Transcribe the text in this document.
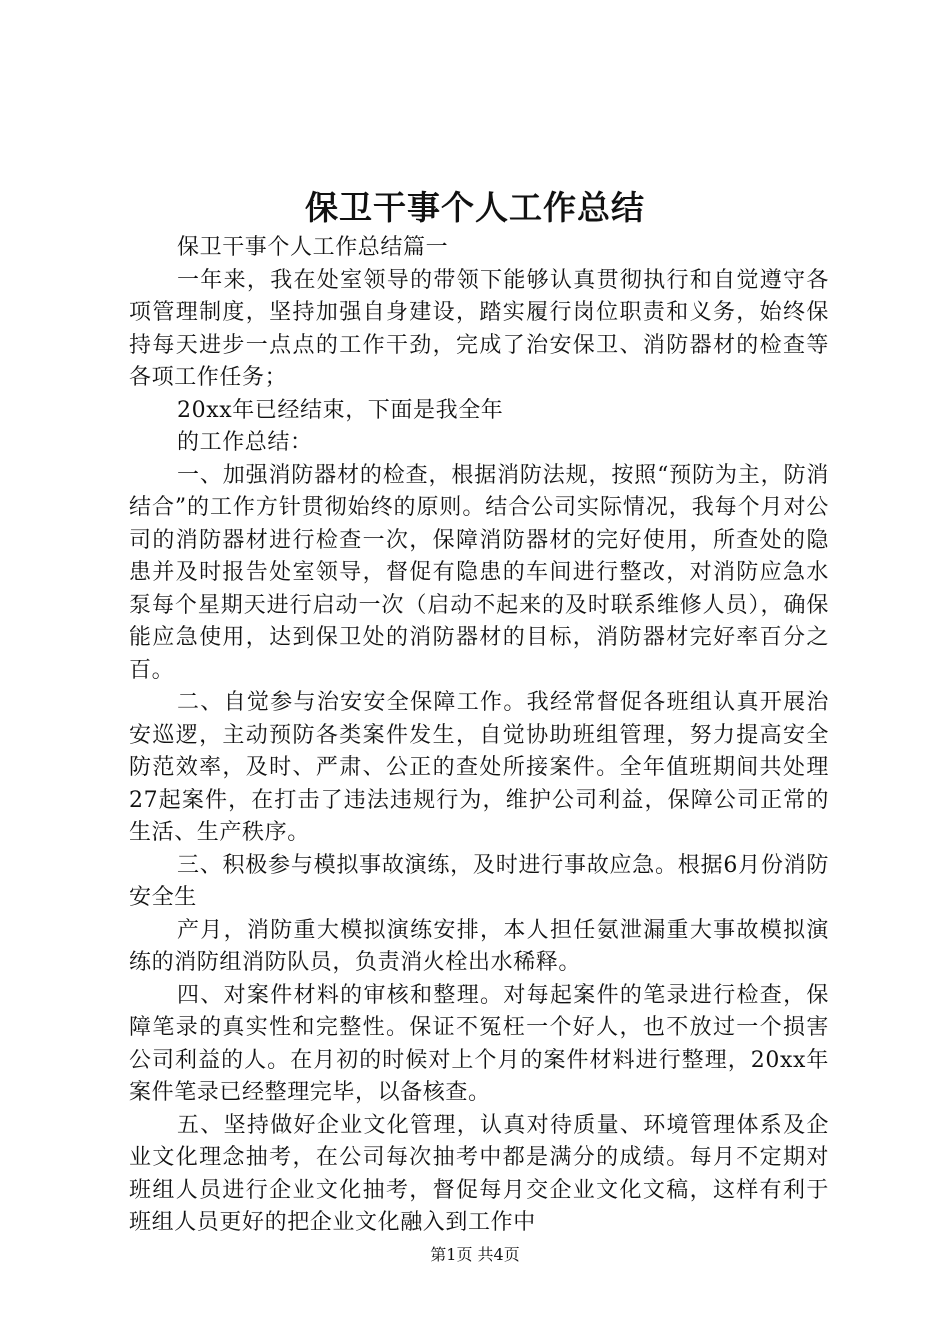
保卫干事个人工作总结

保卫干事个人工作总结篇一

一年来，我在处室领导的带领下能够认真贯彻执行和自觉遵守各项管理制度，坚持加强自身建设，踏实履行岗位职责和义务，始终保持每天进步一点点的工作干劲，完成了治安保卫、消防器材的检查等各项工作任务；

20xx年已经结束，下面是我全年

的工作总结：

一、加强消防器材的检查，根据消防法规，按照“预防为主，防消结合”的工作方针贯彻始终的原则。结合公司实际情况，我每个月对公司的消防器材进行检查一次，保障消防器材的完好使用，所查处的隐患并及时报告处室领导，督促有隐患的车间进行整改，对消防应急水泵每个星期天进行启动一次（启动不起来的及时联系维修人员），确保能应急使用，达到保卫处的消防器材的目标，消防器材完好率百分之百。

二、自觉参与治安安全保障工作。我经常督促各班组认真开展治安巡逻，主动预防各类案件发生，自觉协助班组管理，努力提高安全防范效率，及时、严肃、公正的查处所接案件。全年值班期间共处理27起案件，在打击了违法违规行为，维护公司利益，保障公司正常的生活、生产秩序。

三、积极参与模拟事故演练，及时进行事故应急。根据6月份消防安全生

产月，消防重大模拟演练安排，本人担任氨泄漏重大事故模拟演练的消防组消防队员，负责消火栓出水稀释。

四、对案件材料的审核和整理。对每起案件的笔录进行检查，保障笔录的真实性和完整性。保证不冤枉一个好人，也不放过一个损害公司利益的人。在月初的时候对上个月的案件材料进行整理，20xx年案件笔录已经整理完毕，以备核查。

五、坚持做好企业文化管理，认真对待质量、环境管理体系及企业文化理念抽考，在公司每次抽考中都是满分的成绩。每月不定期对班组人员进行企业文化抽考，督促每月交企业文化文稿，这样有利于班组人员更好的把企业文化融入到工作中

第1页 共4页
